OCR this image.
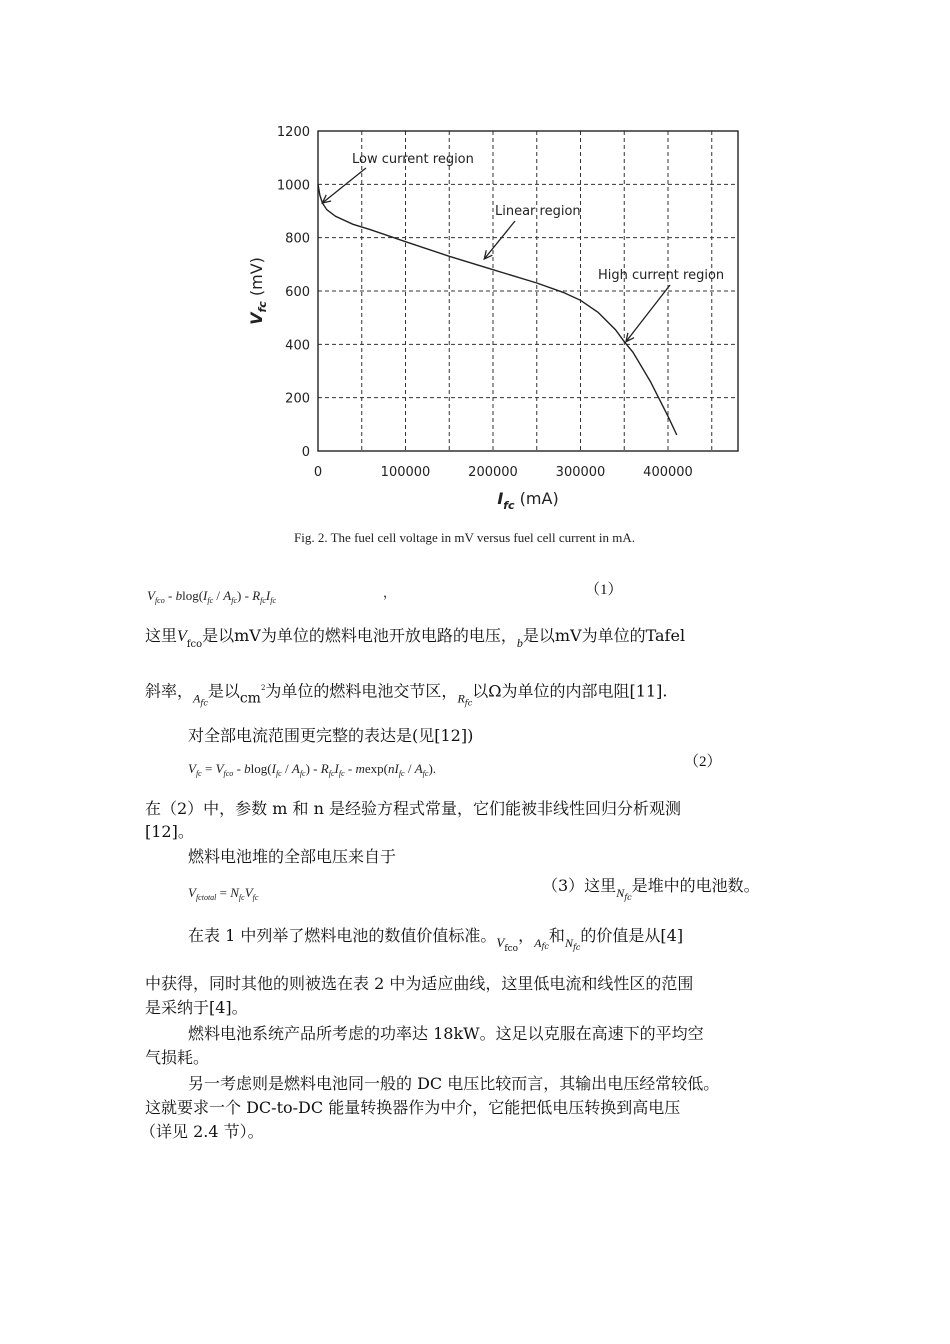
0
200
400
600
800
1000
1200
0	100000	200000	300000	400000
Low current region
Linear region
High current region
$V_{fc}$ (mV)
$I_{fc}$ (mA)
Fig. 2. The fuel cell voltage in mV versus fuel cell current in mA.
$V_{fco} - blog(I_{fc} / A_{fc}) - R_{fc}I_{fc}$
，	（1）
这里$V_{fco}$是以mV为单位的燃料电池开放电路的电压，$_b$是以mV为单位的Tafel
斜率，$_{Afc}$是以$_{cm}^2$为单位的燃料电池交节区，$_{Rfc}$以Ω为单位的内部电阻[11].
对全部电流范围更完整的表达是(见[12])
$V_{fc} = V_{fco} - blog(I_{fc} / A_{fc}) - R_{fc}I_{fc} - mexp(nI_{fc} / A_{fc})$.	（2）
在（2）中，参数 m 和 n 是经验方程式常量，它们能被非线性回归分析观测
[12]。
燃料电池堆的全部电压来自于
$V_{fctotal} = N_{fc}V_{fc}$
（3）这里$_{Nfc}$是堆中的电池数。
在表 1 中列举了燃料电池的数值价值标准。$_{Vfco}$，$_{Afc}$和$_{Nfc}$的价值是从[4]
中获得，同时其他的则被选在表 2 中为适应曲线，这里低电流和线性区的范围
是采纳于[4]。
燃料电池系统产品所考虑的功率达 18kW。这足以克服在高速下的平均空
气损耗。
另一考虑则是燃料电池同一般的 DC 电压比较而言，其输出电压经常较低。
这就要求一个 DC-to-DC 能量转换器作为中介，它能把低电压转换到高电压
（详见 2.4 节）。
